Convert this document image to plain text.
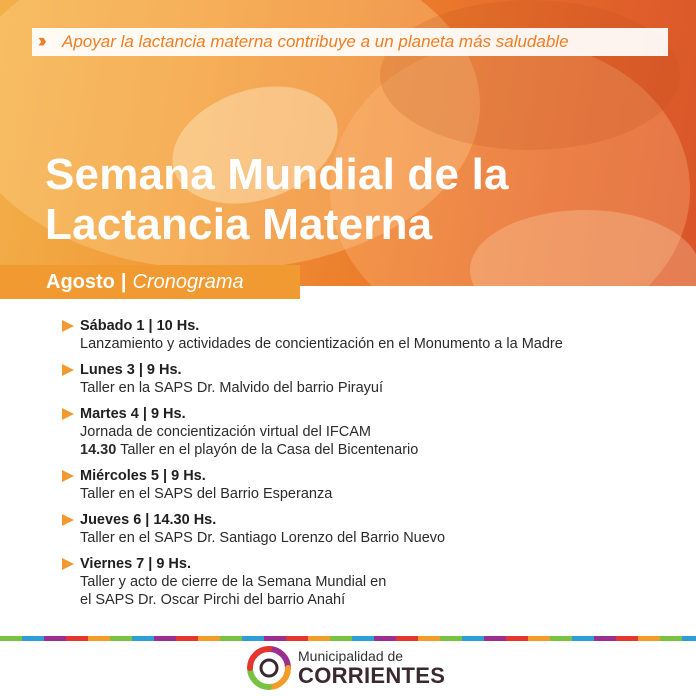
››	Apoyar la lactancia materna contribuye a un planeta más saludable
Semana Mundial de la
Lactancia Materna
Agosto | Cronograma
Sábado 1 | 10 Hs.
Lanzamiento y actividades de concientización en el Monumento a la Madre
Lunes 3 | 9 Hs.
Taller en la SAPS Dr. Malvido del barrio Pirayuí
Martes 4 | 9 Hs.
Jornada de concientización virtual del IFCAM
14.30 Taller en el playón de la Casa del Bicentenario
Miércoles 5 | 9 Hs.
Taller en el SAPS del Barrio Esperanza
Jueves 6 | 14.30 Hs.
Taller en el SAPS Dr. Santiago Lorenzo del Barrio Nuevo
Viernes 7 | 9 Hs.
Taller y acto de cierre de la Semana Mundial en
el SAPS Dr. Oscar Pirchi del barrio Anahí
Municipalidad de
CORRIENTES
